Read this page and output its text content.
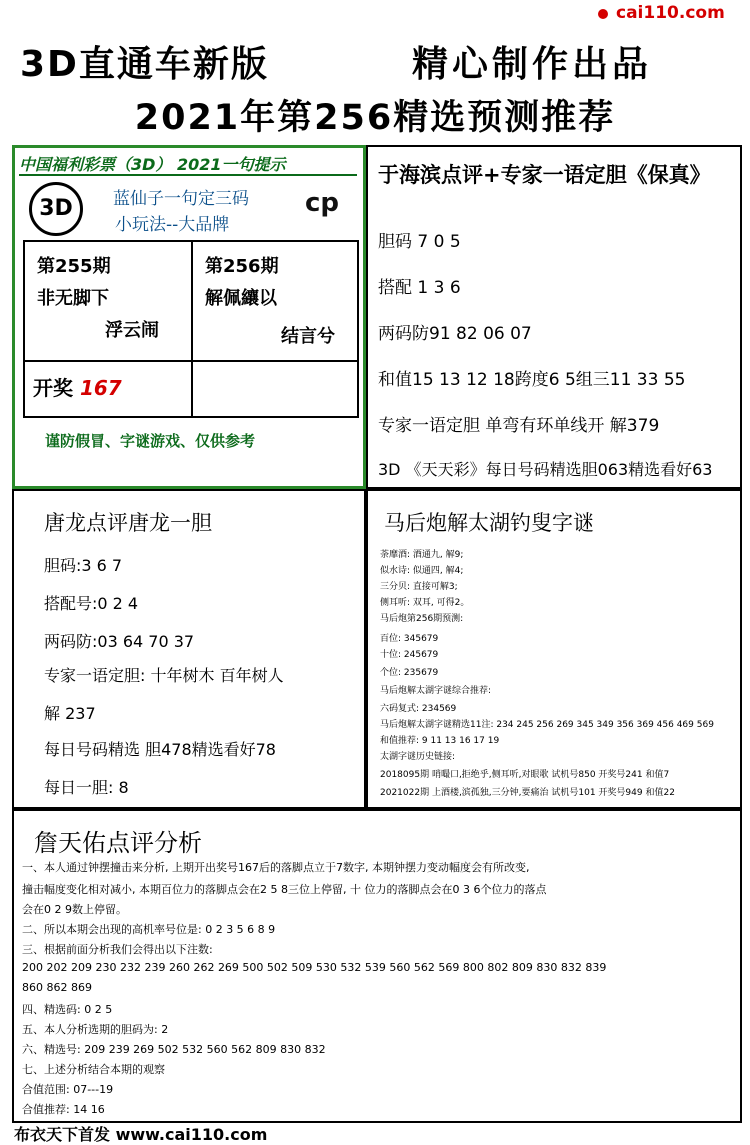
cai110.com
3D直通车新版	精心制作出品
2021年第256精选预测推荐
中国福利彩票（3D） 2021一句提示
3D	cp
蓝仙子一句定三码
小玩法--大品牌
第255期
非无脚下
浮云闹
第256期
解佩纕以
结言兮
开奖 167
谨防假冒、字谜游戏、仅供参考
于海滨点评+专家一语定胆《保真》
胆码 7 0 5
搭配 1 3 6
两码防91 82 06 07
和值15 13 12 18跨度6 5组三11 33 55
专家一语定胆 单弯有环单线开 解379
3D 《天天彩》每日号码精选胆063精选看好63
唐龙点评唐龙一胆
胆码:3 6 7
搭配号:0 2 4
两码防:03 64 70 37
专家一语定胆: 十年树木 百年树人
解 237
每日号码精选 胆478精选看好78
每日一胆: 8
马后炮解太湖钓叟字谜
荼靡酒: 酒通九, 解9;
似水诗: 似通四, 解4;
三分贝: 直接可解3;
侧耳听: 双耳, 可得2。
马后炮第256期预测:
百位: 345679
十位: 245679
个位: 235679
马后炮解太湖字谜综合推荐:
六码复式: 234569
马后炮解太湖字谜精选11注: 234 245 256 269 345 349 356 369 456 469 569
和值推荐: 9 11 13 16 17 19
太湖字谜历史链接:
2018095期 哨嘬口,拒绝乎,侧耳听,对眼歌 试机号850 开奖号241 和值7
2021022期 上酒楼,滨孤独,三分钟,要痛治 试机号101 开奖号949 和值22
詹天佑点评分析
一、本人通过钟摆撞击来分析, 上期开出奖号167后的落脚点立于7数字, 本期钟摆力变动幅度会有所改变,
撞击幅度变化相对减小, 本期百位力的落脚点会在2 5 8三位上停留, 十 位力的落脚点会在0 3 6个位力的落点
会在0 2 9数上停留。
二、所以本期会出现的高机率号位是: 0 2 3 5 6 8 9
三、根据前面分析我们会得出以下注数:
200 202 209 230 232 239 260 262 269 500 502 509 530 532 539 560 562 569 800 802 809 830 832 839
860 862 869
四、精选码: 0 2 5
五、本人分析选期的胆码为: 2
六、精选号: 209 239 269 502 532 560 562 809 830 832
七、上述分析结合本期的观察
合值范围: 07---19
合值推荐: 14 16
布衣天下首发 www.cai110.com
